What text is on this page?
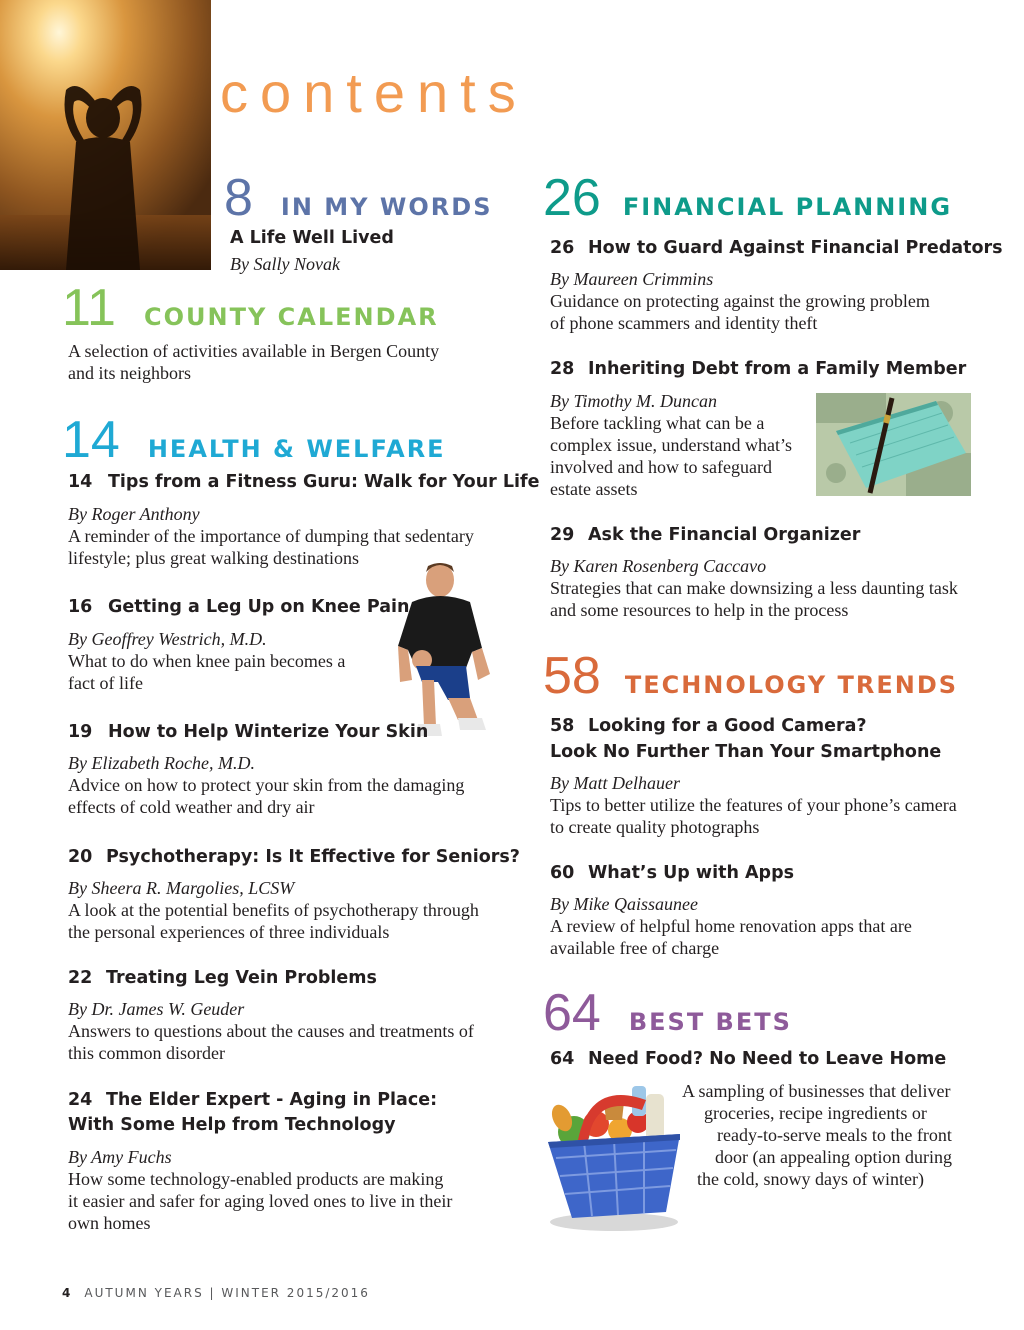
contents
8 IN MY WORDS
A Life Well Lived
By Sally Novak
11 COUNTY CALENDAR
A selection of activities available in Bergen County
and its neighbors
14 HEALTH & WELFARE
14 Tips from a Fitness Guru: Walk for Your Life
By Roger Anthony
A reminder of the importance of dumping that sedentary
lifestyle; plus great walking destinations
16 Getting a Leg Up on Knee Pain
By Geoffrey Westrich, M.D.
What to do when knee pain becomes a
fact of life
19 How to Help Winterize Your Skin
By Elizabeth Roche, M.D.
Advice on how to protect your skin from the damaging
effects of cold weather and dry air
20 Psychotherapy: Is It Effective for Seniors?
By Sheera R. Margolies, LCSW
A look at the potential benefits of psychotherapy through
the personal experiences of three individuals
22 Treating Leg Vein Problems
By Dr. James W. Geuder
Answers to questions about the causes and treatments of
this common disorder
24 The Elder Expert - Aging in Place:
With Some Help from Technology
By Amy Fuchs
How some technology-enabled products are making
it easier and safer for aging loved ones to live in their
own homes
26 FINANCIAL PLANNING
26 How to Guard Against Financial Predators
By Maureen Crimmins
Guidance on protecting against the growing problem
of phone scammers and identity theft
28 Inheriting Debt from a Family Member
By Timothy M. Duncan
Before tackling what can be a
complex issue, understand what’s
involved and how to safeguard
estate assets
29 Ask the Financial Organizer
By Karen Rosenberg Caccavo
Strategies that can make downsizing a less daunting task
and some resources to help in the process
58 TECHNOLOGY TRENDS
58 Looking for a Good Camera?
Look No Further Than Your Smartphone
By Matt Delhauer
Tips to better utilize the features of your phone’s camera
to create quality photographs
60 What’s Up with Apps
By Mike Qaissaunee
A review of helpful home renovation apps that are
available free of charge
64 BEST BETS
64 Need Food? No Need to Leave Home
A sampling of businesses that deliver
groceries, recipe ingredients or
ready-to-serve meals to the front
door (an appealing option during
the cold, snowy days of winter)
4 AUTUMN YEARS | WINTER 2015/2016
